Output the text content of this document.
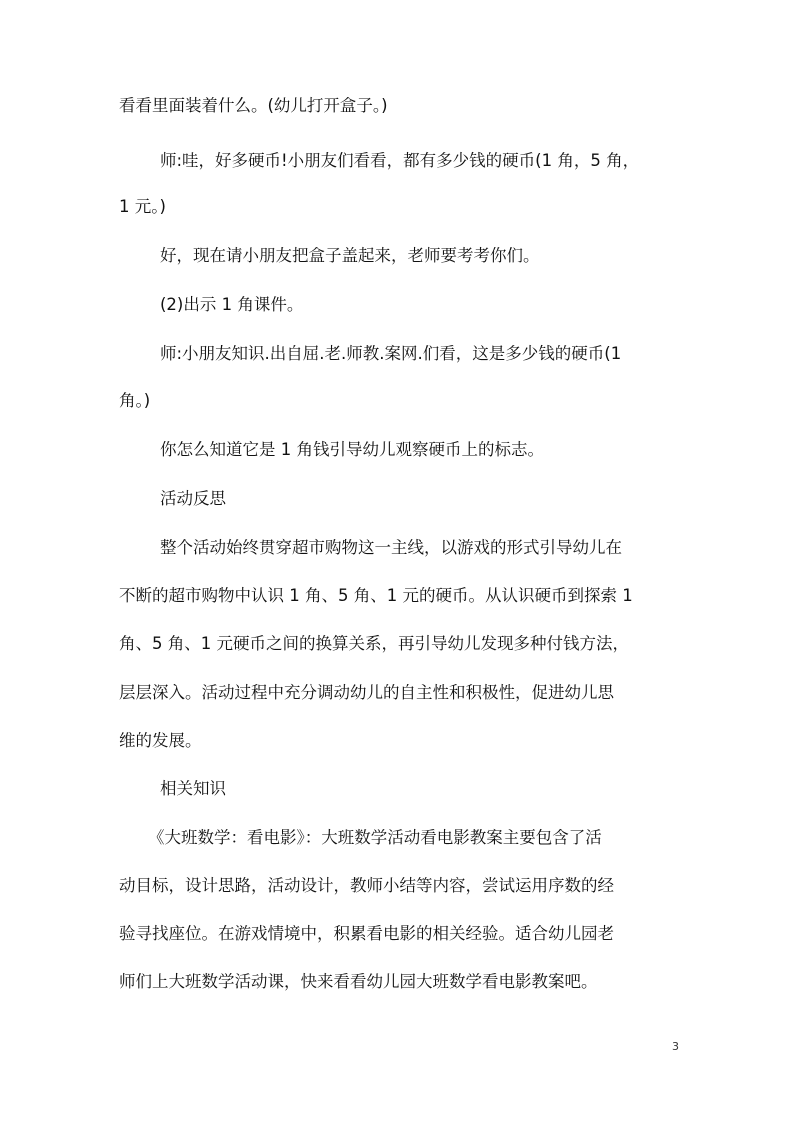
看看里面装着什么。(幼儿打开盒子。)
师:哇，好多硬币!小朋友们看看，都有多少钱的硬币(1 角，5 角，
1 元。)
好，现在请小朋友把盒子盖起来，老师要考考你们。
(2)出示 1 角课件。
师:小朋友知识.出自屈.老.师教.案网.们看，这是多少钱的硬币(1
角。)
你怎么知道它是 1 角钱引导幼儿观察硬币上的标志。
活动反思
整个活动始终贯穿超市购物这一主线，以游戏的形式引导幼儿在
不断的超市购物中认识 1 角、5 角、1 元的硬币。从认识硬币到探索 1
角、5 角、1 元硬币之间的换算关系，再引导幼儿发现多种付钱方法，
层层深入。活动过程中充分调动幼儿的自主性和积极性，促进幼儿思
维的发展。
相关知识
《大班数学：看电影》：大班数学活动看电影教案主要包含了活
动目标，设计思路，活动设计，教师小结等内容，尝试运用序数的经
验寻找座位。在游戏情境中，积累看电影的相关经验。适合幼儿园老
师们上大班数学活动课，快来看看幼儿园大班数学看电影教案吧。
3
